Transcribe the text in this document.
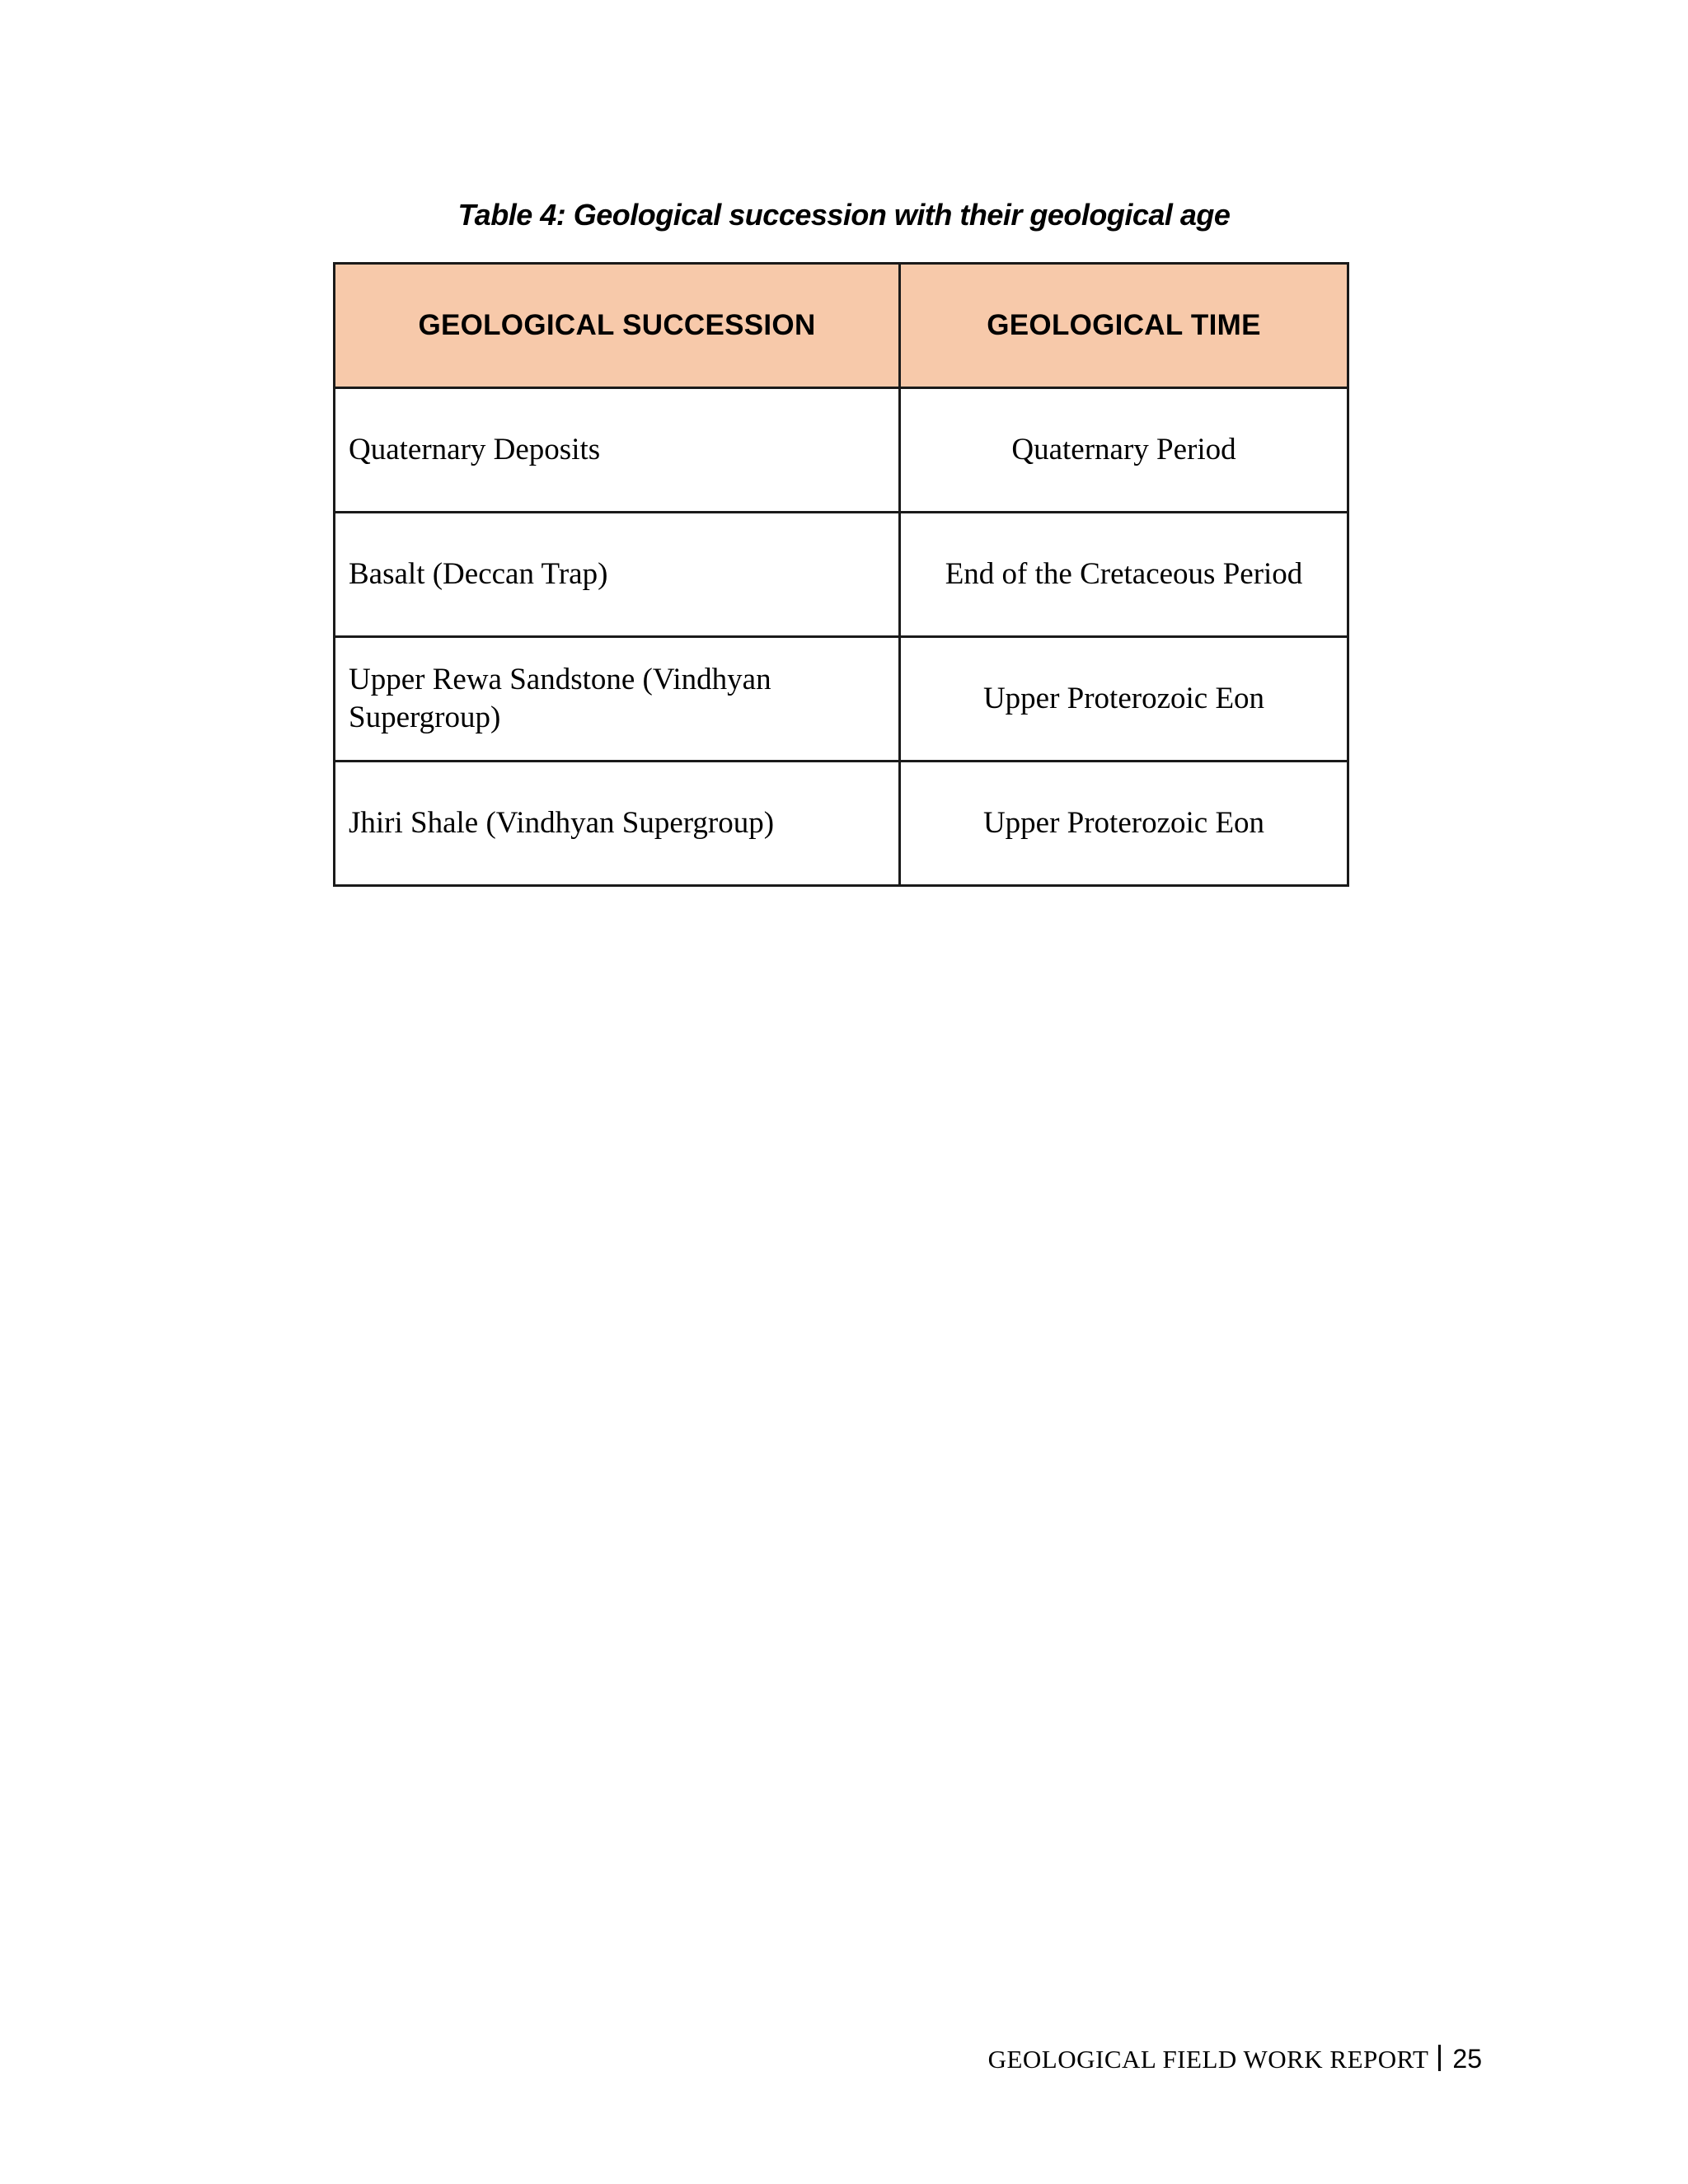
Table 4: Geological succession with their geological age
GEOLOGICAL SUCCESSION	GEOLOGICAL TIME
Quaternary Deposits	Quaternary Period
Basalt (Deccan Trap)	End of the Cretaceous Period
Upper Rewa Sandstone (Vindhyan Supergroup)	Upper Proterozoic Eon
Jhiri Shale (Vindhyan Supergroup)	Upper Proterozoic Eon
GEOLOGICAL FIELD WORK REPORT 25
